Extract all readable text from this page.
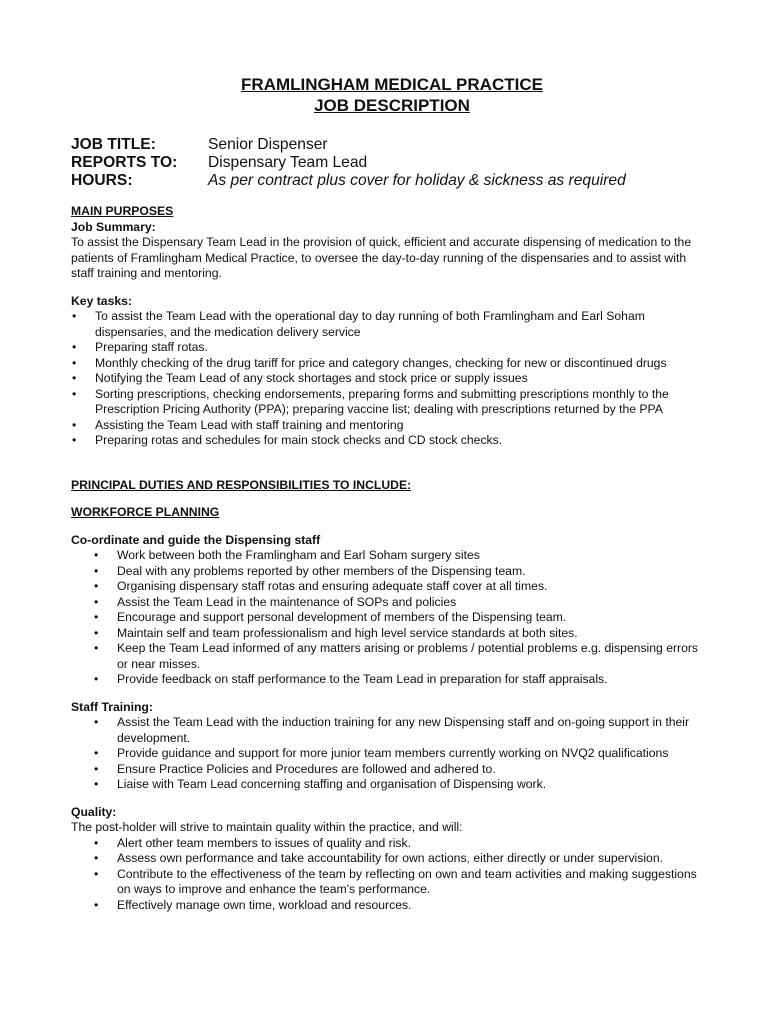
FRAMLINGHAM MEDICAL PRACTICE
JOB DESCRIPTION
JOB TITLE:	Senior Dispenser
REPORTS TO:	Dispensary Team Lead
HOURS:	As per contract plus cover for holiday & sickness as required
MAIN PURPOSES
Job Summary:

To assist the Dispensary Team Lead in the provision of quick, efficient and accurate dispensing of medication to the patients of Framlingham Medical Practice, to oversee the day-to-day running of the dispensaries and to assist with staff training and mentoring.

Key tasks:
• To assist the Team Lead with the operational day to day running of both Framlingham and Earl Soham dispensaries, and the medication delivery service
• Preparing staff rotas.
• Monthly checking of the drug tariff for price and category changes, checking for new or discontinued drugs
• Notifying the Team Lead of any stock shortages and stock price or supply issues
• Sorting prescriptions, checking endorsements, preparing forms and submitting prescriptions monthly to the Prescription Pricing Authority (PPA); preparing vaccine list; dealing with prescriptions returned by the PPA
• Assisting the Team Lead with staff training and mentoring
• Preparing rotas and schedules for main stock checks and CD stock checks.
PRINCIPAL DUTIES AND RESPONSIBILITIES TO INCLUDE:
WORKFORCE PLANNING
Co-ordinate and guide the Dispensing staff
• Work between both the Framlingham and Earl Soham surgery sites
• Deal with any problems reported by other members of the Dispensing team.
• Organising dispensary staff rotas and ensuring adequate staff cover at all times.
• Assist the Team Lead in the maintenance of SOPs and policies
• Encourage and support personal development of members of the Dispensing team.
• Maintain self and team professionalism and high level service standards at both sites.
• Keep the Team Lead informed of any matters arising or problems / potential problems e.g. dispensing errors or near misses.
• Provide feedback on staff performance to the Team Lead in preparation for staff appraisals.
Staff Training:
• Assist the Team Lead with the induction training for any new Dispensing staff and on-going support in their development.
• Provide guidance and support for more junior team members currently working on NVQ2 qualifications
• Ensure Practice Policies and Procedures are followed and adhered to.
• Liaise with Team Lead concerning staffing and organisation of Dispensing work.
Quality:

The post-holder will strive to maintain quality within the practice, and will:

• Alert other team members to issues of quality and risk.
• Assess own performance and take accountability for own actions, either directly or under supervision.
• Contribute to the effectiveness of the team by reflecting on own and team activities and making suggestions on ways to improve and enhance the team's performance.
• Effectively manage own time, workload and resources.
